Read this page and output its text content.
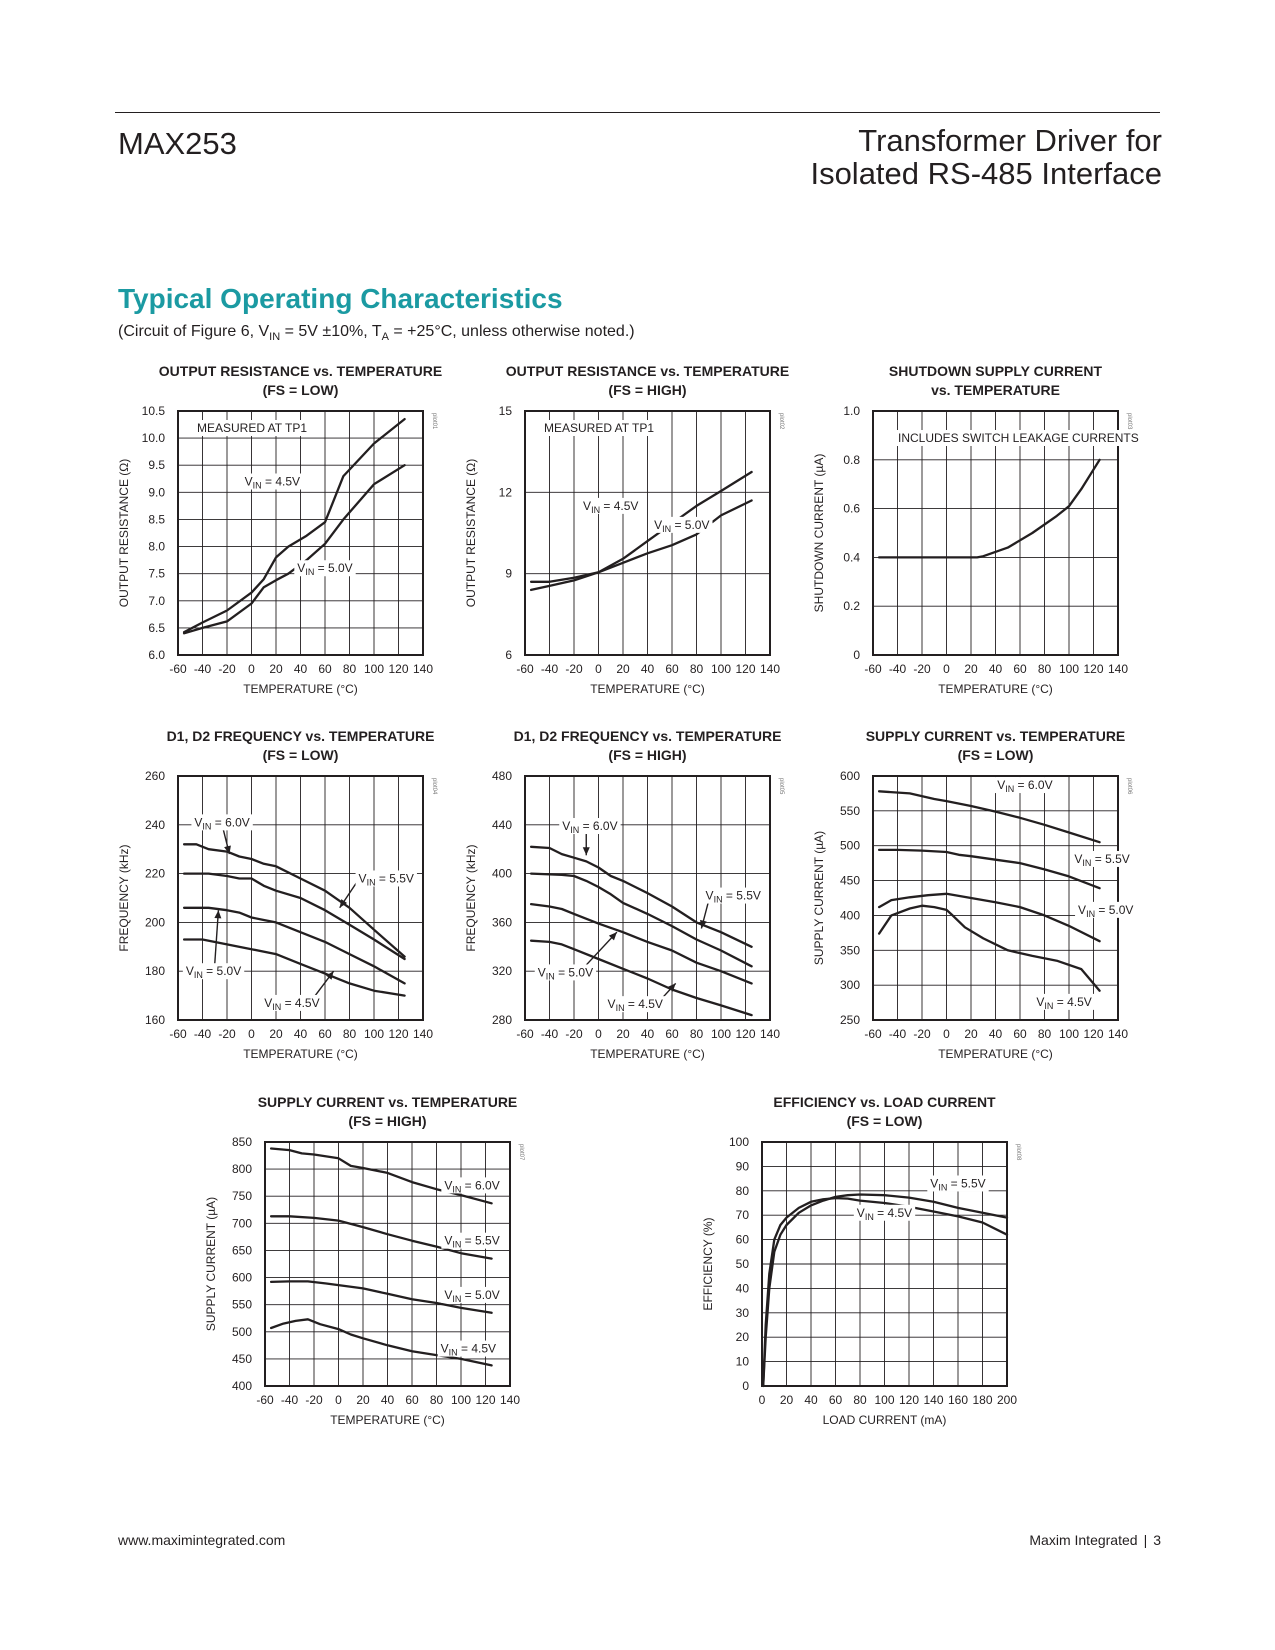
MAX253	Transformer Driver for
Isolated RS-485 Interface
Typical Operating Characteristics
(Circuit of Figure 6, $V_{IN} = 5V \pm 10\%$, $T_A = +25^\circ C$, unless otherwise noted.)
OUTPUT RESISTANCE vs. TEMPERATURE
(FS = LOW)
-60 -40 -20 0 20 40 60 80 100 120 140
6.0
6.5
7.0
7.5
8.0
8.5
9.0
9.5
10.0
10.5
TEMPERATURE (°C)
OUTPUT RESISTANCE (Ω)
plot01
MEASURED AT TP1
$V_{IN} = 4.5V$
$V_{IN} = 5.0V$
OUTPUT RESISTANCE vs. TEMPERATURE
(FS = HIGH)
-60 -40 -20 0 20 40 60 80 100 120 140
6
9
12
15
TEMPERATURE (°C)
OUTPUT RESISTANCE (Ω)
plot02
MEASURED AT TP1
$V_{IN} = 4.5V$
$V_{IN} = 5.0V$
SHUTDOWN SUPPLY CURRENT
vs. TEMPERATURE
-60 -40 -20 0 20 40 60 80 100 120 140
0
0.2
0.4
0.6
0.8
1.0
TEMPERATURE (°C)
SHUTDOWN CURRENT (µA)
plot03
INCLUDES SWITCH LEAKAGE CURRENTS
D1, D2 FREQUENCY vs. TEMPERATURE
(FS = LOW)
-60 -40 -20 0 20 40 60 80 100 120 140
160
180
200
220
240
260
TEMPERATURE (°C)
FREQUENCY (kHz)
plot04
$V_{IN} = 6.0V$
$V_{IN} = 5.5V$
$V_{IN} = 5.0V$
$V_{IN} = 4.5V$
D1, D2 FREQUENCY vs. TEMPERATURE
(FS = HIGH)
-60 -40 -20 0 20 40 60 80 100 120 140
280
320
360
400
440
480
TEMPERATURE (°C)
FREQUENCY (kHz)
plot05
$V_{IN} = 6.0V$
$V_{IN} = 5.5V$
$V_{IN} = 5.0V$
$V_{IN} = 4.5V$
SUPPLY CURRENT vs. TEMPERATURE
(FS = LOW)
-60 -40 -20 0 20 40 60 80 100 120 140
250
300
350
400
450
500
550
600
TEMPERATURE (°C)
SUPPLY CURRENT (µA)
plot06
$V_{IN} = 6.0V$
$V_{IN} = 5.5V$
$V_{IN} = 5.0V$
$V_{IN} = 4.5V$
SUPPLY CURRENT vs. TEMPERATURE
(FS = HIGH)
-60 -40 -20 0 20 40 60 80 100 120 140
400
450
500
550
600
650
700
750
800
850
TEMPERATURE (°C)
SUPPLY CURRENT (µA)
plot07
$V_{IN} = 6.0V$
$V_{IN} = 5.5V$
$V_{IN} = 5.0V$
$V_{IN} = 4.5V$
EFFICIENCY vs. LOAD CURRENT
(FS = LOW)
0 20 40 60 80 100 120 140 160 180 200
0
10
20
30
40
50
60
70
80
90
100
LOAD CURRENT (mA)
EFFICIENCY (%)
plot08
$V_{IN} = 5.5V$
$V_{IN} = 4.5V$
www.maximintegrated.com	Maxim Integrated | 3
